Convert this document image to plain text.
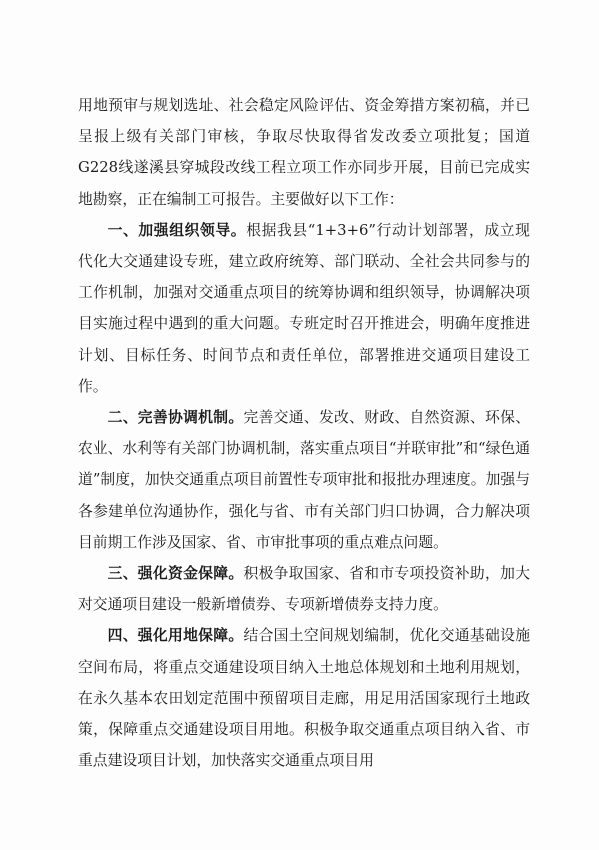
用地预审与规划选址、社会稳定风险评估、资金筹措方案初稿，并已呈报上级有关部门审核，争取尽快取得省发改委立项批复；国道G228线遂溪县穿城段改线工程立项工作亦同步开展，目前已完成实地勘察，正在编制工可报告。主要做好以下工作：

一、加强组织领导。根据我县“1+3+6”行动计划部署，成立现代化大交通建设专班，建立政府统筹、部门联动、全社会共同参与的工作机制，加强对交通重点项目的统筹协调和组织领导，协调解决项目实施过程中遇到的重大问题。专班定时召开推进会，明确年度推进计划、目标任务、时间节点和责任单位，部署推进交通项目建设工作。

二、完善协调机制。完善交通、发改、财政、自然资源、环保、农业、水利等有关部门协调机制，落实重点项目“并联审批”和“绿色通道”制度，加快交通重点项目前置性专项审批和报批办理速度。加强与各参建单位沟通协作，强化与省、市有关部门归口协调，合力解决项目前期工作涉及国家、省、市审批事项的重点难点问题。

三、强化资金保障。积极争取国家、省和市专项投资补助，加大对交通项目建设一般新增债券、专项新增债券支持力度。

四、强化用地保障。结合国土空间规划编制，优化交通基础设施空间布局，将重点交通建设项目纳入土地总体规划和土地利用规划，在永久基本农田划定范围中预留项目走廊，用足用活国家现行土地政策，保障重点交通建设项目用地。积极争取交通重点项目纳入省、市重点建设项目计划，加快落实交通重点项目用
